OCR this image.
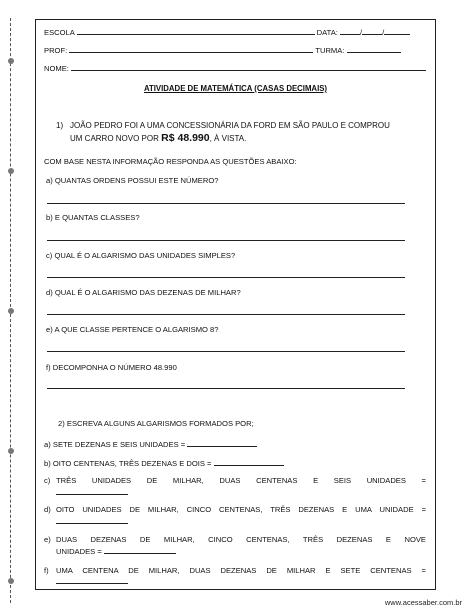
ESCOLA	DATA:	/	/
PROF:	TURMA:
NOME:
ATIVIDADE DE MATEMÁTICA (CASAS DECIMAIS)
1) JOÃO PEDRO FOI A UMA CONCESSIONÁRIA DA FORD EM SÃO PAULO E COMPROU
UM CARRO NOVO POR R$ 48.990, À VISTA.
COM BASE NESTA INFORMAÇÃO RESPONDA AS QUESTÕES ABAIXO:
a) QUANTAS ORDENS POSSUI ESTE NÚMERO?
b) E QUANTAS CLASSES?
c) QUAL É O ALGARISMO DAS UNIDADES SIMPLES?
d) QUAL É O ALGARISMO DAS DEZENAS DE MILHAR?
e) A QUE CLASSE PERTENCE O ALGARISMO 8?
f) DECOMPONHA O NÚMERO 48.990
2) ESCREVA ALGUNS ALGARISMOS FORMADOS POR;
a) SETE DEZENAS E SEIS UNIDADES =
b) OITO CENTENAS, TRÊS DEZENAS E DOIS =
c) TRÊS UNIDADES DE MILHAR, DUAS CENTENAS E SEIS UNIDADES =
d) OITO UNIDADES DE MILHAR, CINCO CENTENAS, TRÊS DEZENAS E UMA UNIDADE =
e) DUAS DEZENAS DE MILHAR, CINCO CENTENAS, TRÊS DEZENAS E NOVE
UNIDADES =
f) UMA CENTENA DE MILHAR, DUAS DEZENAS DE MILHAR E SETE CENTENAS =
www.acessaber.com.br
